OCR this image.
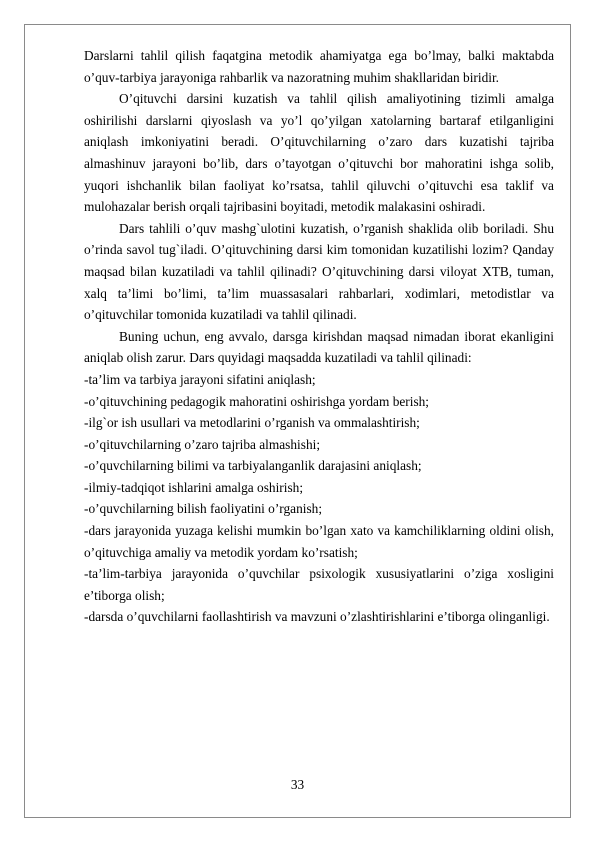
Darslarni tahlil qilish faqatgina metodik ahamiyatga ega bo’lmay, balki maktabda o’quv-tarbiya jarayoniga rahbarlik va nazoratning muhim shakllaridan biridir.

O’qituvchi darsini kuzatish va tahlil qilish amaliyotining tizimli amalga oshirilishi darslarni qiyoslash va yo’l qo’yilgan xatolarning bartaraf etilganligini aniqlash imkoniyatini beradi. O’qituvchilarning o’zaro dars kuzatishi tajriba almashinuv jarayoni bo’lib, dars o’tayotgan o’qituvchi bor mahoratini ishga solib, yuqori ishchanlik bilan faoliyat ko’rsatsa, tahlil qiluvchi o’qituvchi esa taklif va mulohazalar berish orqali tajribasini boyitadi, metodik malakasini oshiradi.

Dars tahlili o’quv mashg`ulotini kuzatish, o’rganish shaklida olib boriladi. Shu o’rinda savol tug`iladi. O’qituvchining darsi kim tomonidan kuzatilishi lozim? Qanday maqsad bilan kuzatiladi va tahlil qilinadi? O’qituvchining darsi viloyat XTB, tuman, xalq ta’limi bo’limi, ta’lim muassasalari rahbarlari, xodimlari, metodistlar va o’qituvchilar tomonida kuzatiladi va tahlil qilinadi.

Buning uchun, eng avvalo, darsga kirishdan maqsad nimadan iborat ekanligini aniqlab olish zarur. Dars quyidagi maqsadda kuzatiladi va tahlil qilinadi:

-ta’lim va tarbiya jarayoni sifatini aniqlash;

-o’qituvchining pedagogik mahoratini oshirishga yordam berish;

-ilg`or ish usullari va metodlarini o’rganish va ommalashtirish;

-o’qituvchilarning o’zaro tajriba almashishi;

-o’quvchilarning bilimi va tarbiyalanganlik darajasini aniqlash;

-ilmiy-tadqiqot ishlarini amalga oshirish;

-o’quvchilarning bilish faoliyatini o’rganish;

-dars jarayonida yuzaga kelishi mumkin bo’lgan xato va kamchiliklarning oldini olish, o’qituvchiga amaliy va metodik yordam ko’rsatish;

-ta’lim-tarbiya jarayonida o’quvchilar psixologik xususiyatlarini o’ziga xosligini e’tiborga olish;

-darsda o’quvchilarni faollashtirish va mavzuni o’zlashtirishlarini e’tiborga olinganligi.

33
